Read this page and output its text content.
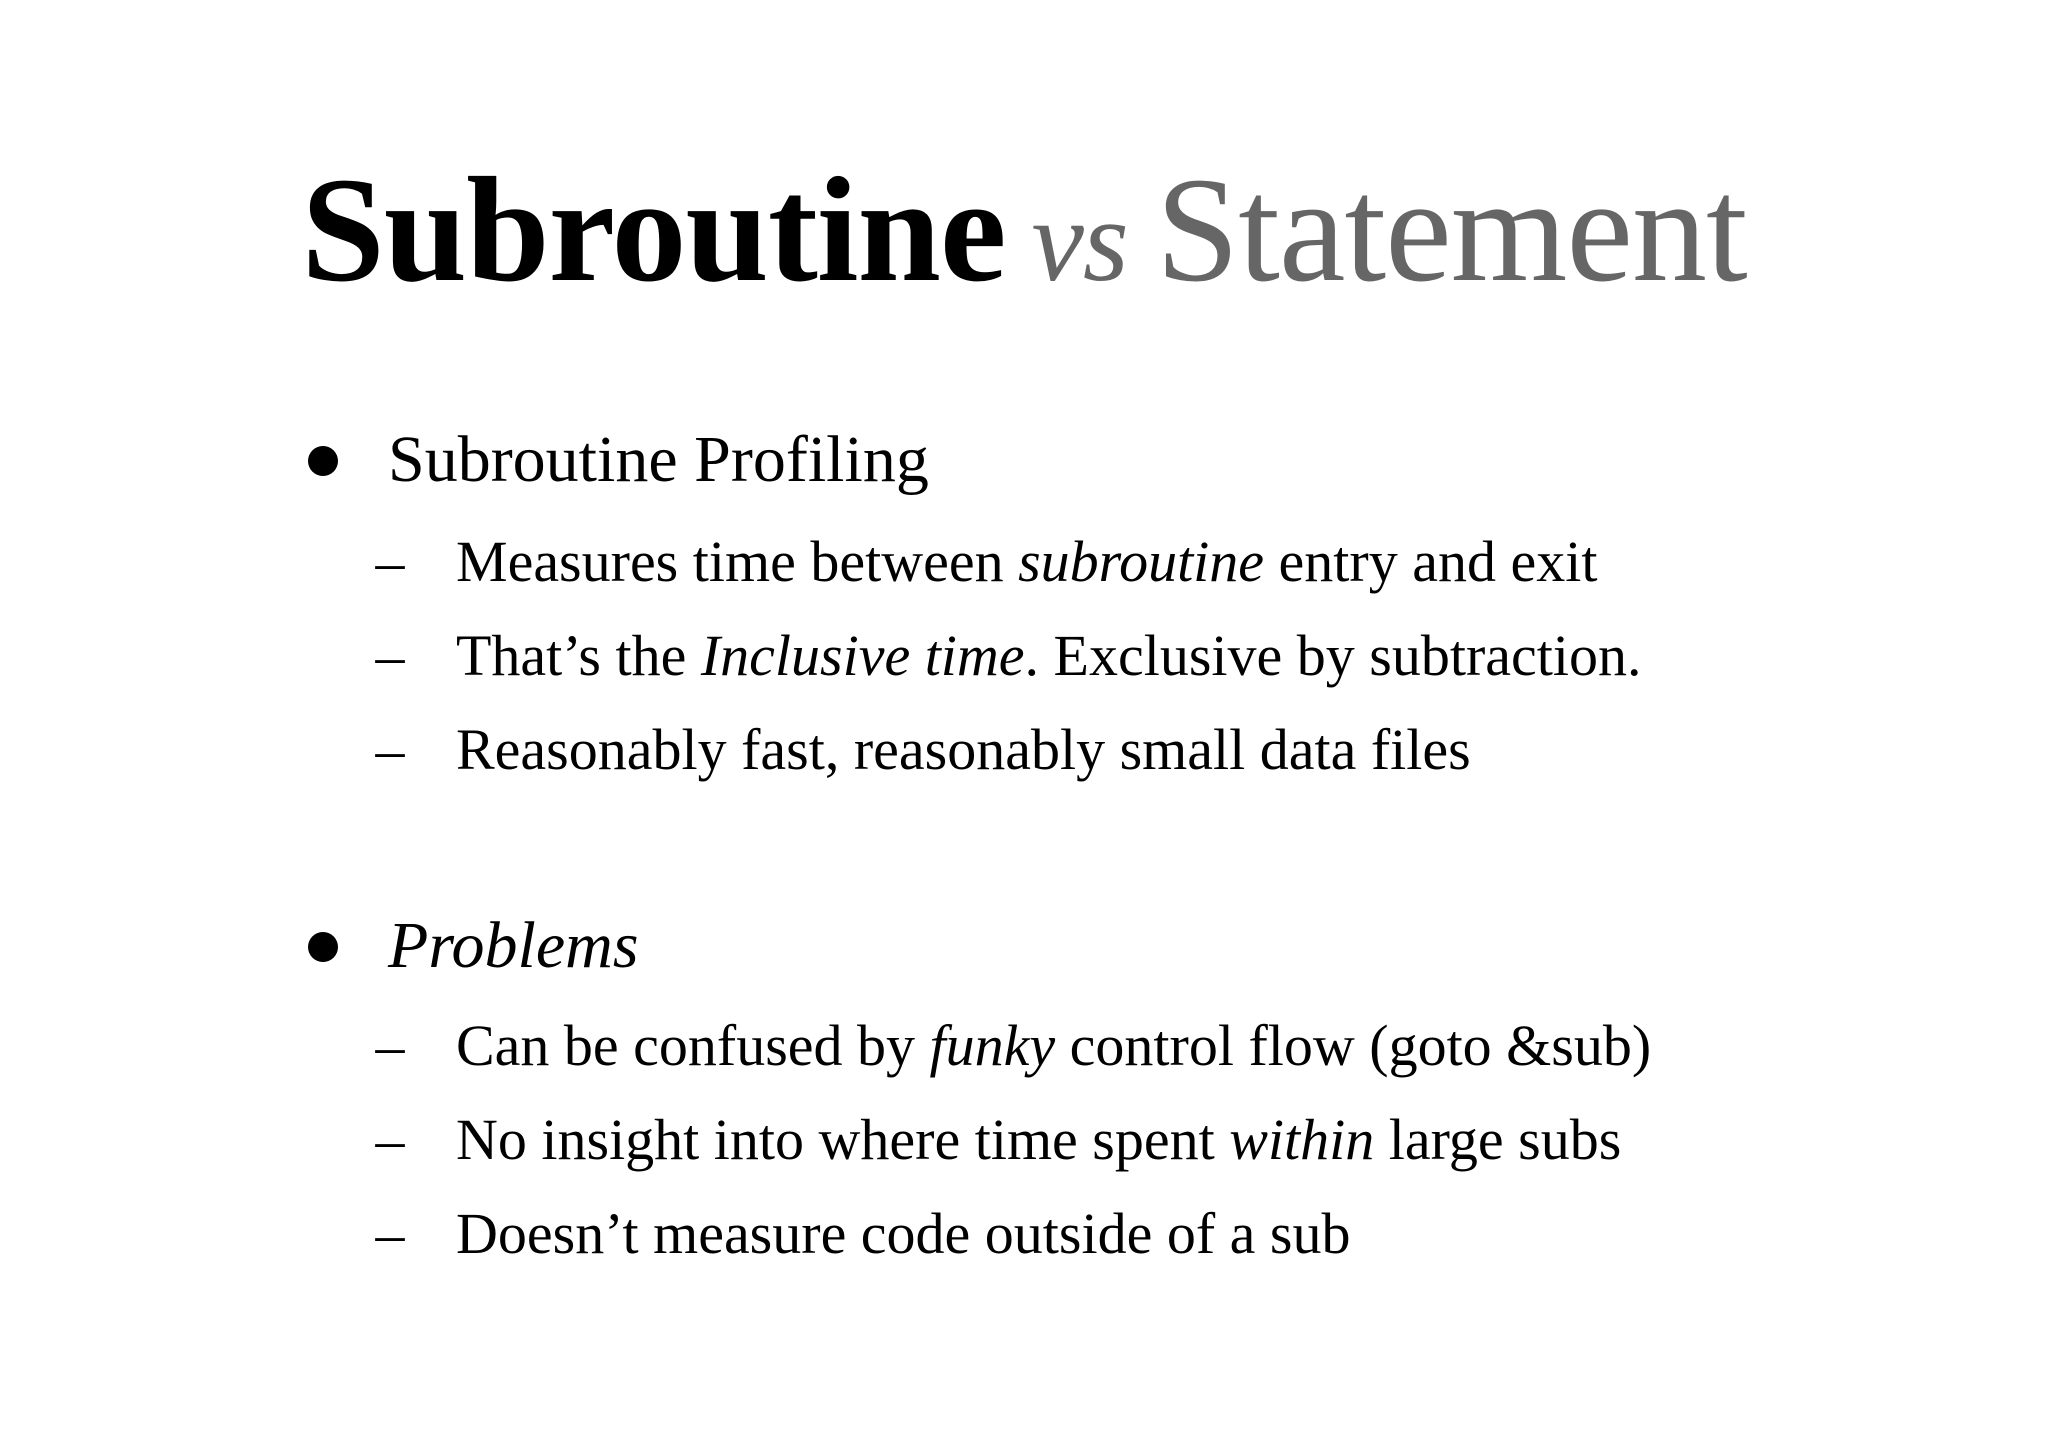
Subroutine vs Statement
Subroutine Profiling
– Measures time between subroutine entry and exit
– That’s the Inclusive time. Exclusive by subtraction.
– Reasonably fast, reasonably small data files
Problems
– Can be confused by funky control flow (goto &sub)
– No insight into where time spent within large subs
– Doesn’t measure code outside of a sub
